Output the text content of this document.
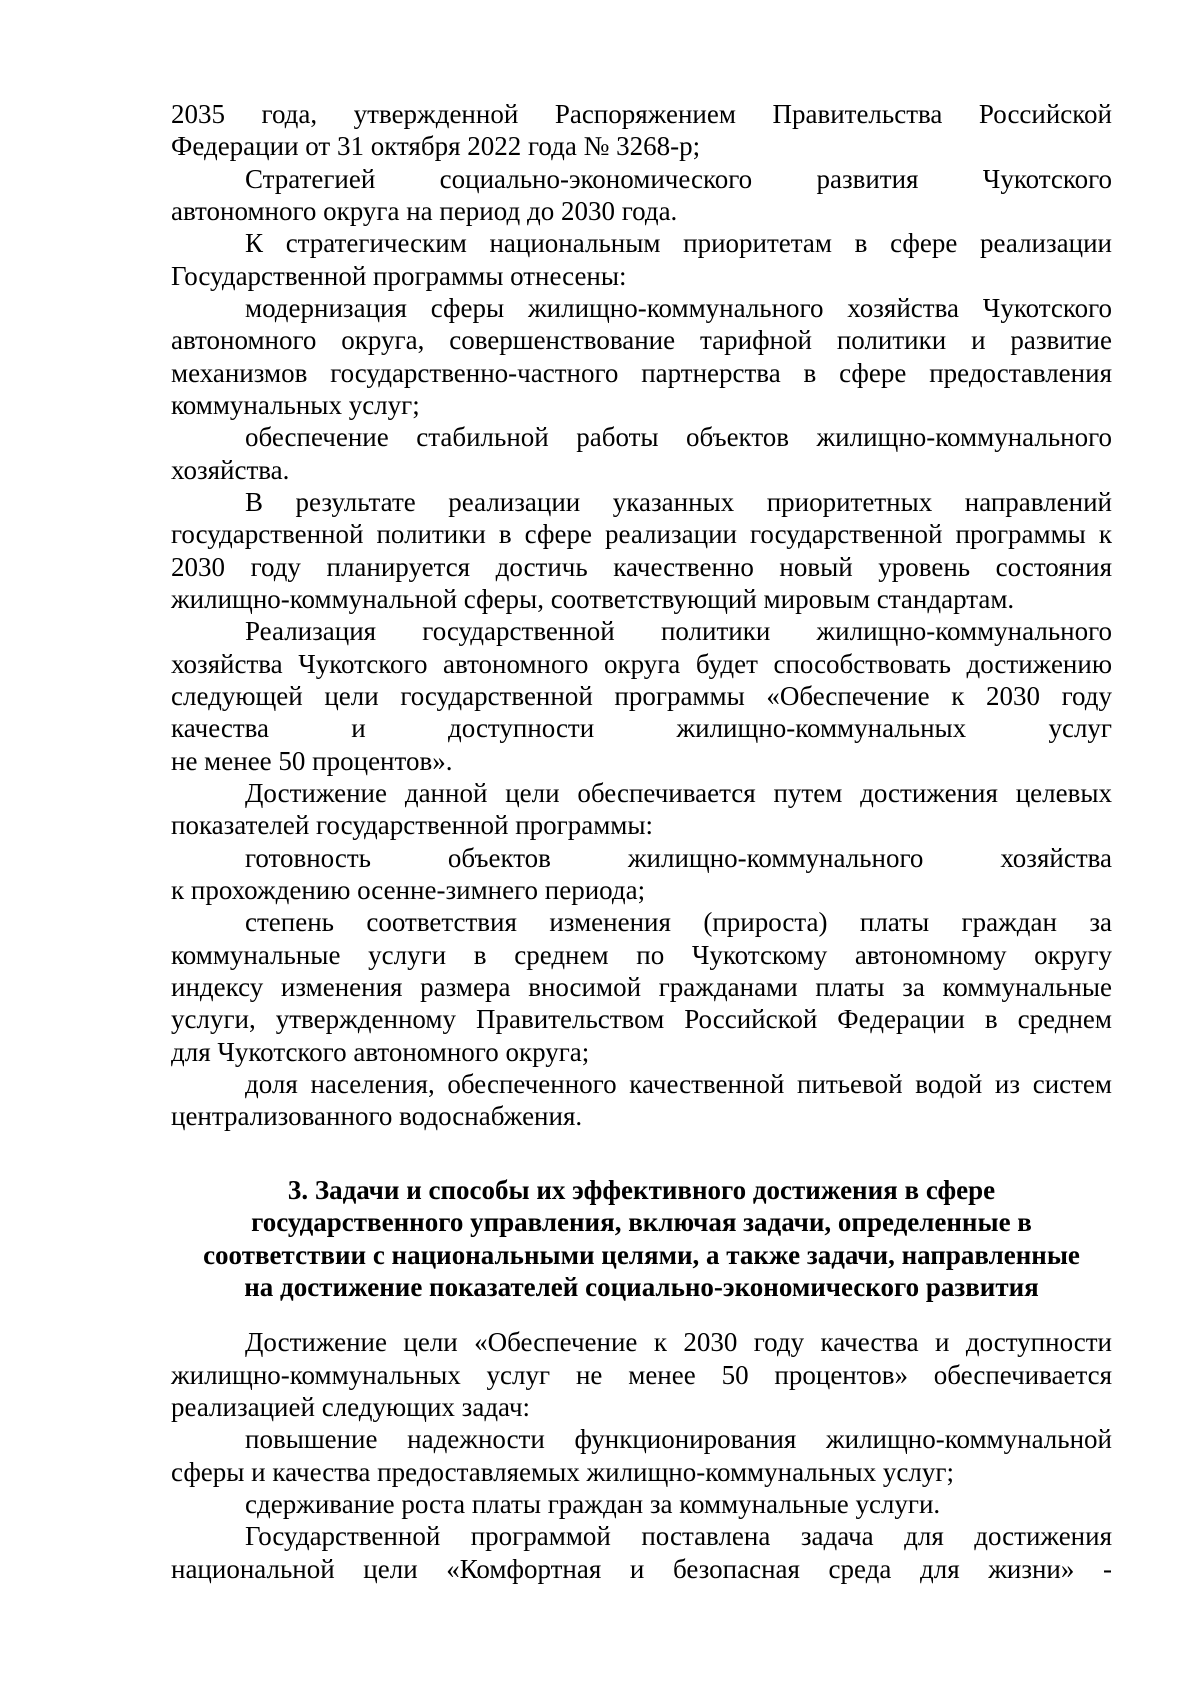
2035 года, утвержденной Распоряжением Правительства Российской
Федерации от 31 октября 2022 года № 3268-р;
Стратегией социально-экономического развития Чукотского
автономного округа на период до 2030 года.
К стратегическим национальным приоритетам в сфере реализации
Государственной программы отнесены:
модернизация сферы жилищно-коммунального хозяйства Чукотского
автономного округа, совершенствование тарифной политики и развитие
механизмов государственно-частного партнерства в сфере предоставления
коммунальных услуг;
обеспечение стабильной работы объектов жилищно-коммунального
хозяйства.
В результате реализации указанных приоритетных направлений
государственной политики в сфере реализации государственной программы к
2030 году планируется достичь качественно новый уровень состояния
жилищно-коммунальной сферы, соответствующий мировым стандартам.
Реализация государственной политики жилищно-коммунального
хозяйства Чукотского автономного округа будет способствовать достижению
следующей цели государственной программы «Обеспечение к 2030 году
качества и доступности жилищно-коммунальных услуг
не менее 50 процентов».
Достижение данной цели обеспечивается путем достижения целевых
показателей государственной программы:
готовность объектов жилищно-коммунального хозяйства
к прохождению осенне-зимнего периода;
степень соответствия изменения (прироста) платы граждан за
коммунальные услуги в среднем по Чукотскому автономному округу
индексу изменения размера вносимой гражданами платы за коммунальные
услуги, утвержденному Правительством Российской Федерации в среднем
для Чукотского автономного округа;
доля населения, обеспеченного качественной питьевой водой из систем
централизованного водоснабжения.
3. Задачи и способы их эффективного достижения в сфере
государственного управления, включая задачи, определенные в
соответствии с национальными целями, а также задачи, направленные
на достижение показателей социально-экономического развития
Достижение цели «Обеспечение к 2030 году качества и доступности
жилищно-коммунальных услуг не менее 50 процентов» обеспечивается
реализацией следующих задач:
повышение надежности функционирования жилищно-коммунальной
сферы и качества предоставляемых жилищно-коммунальных услуг;
сдерживание роста платы граждан за коммунальные услуги.
Государственной программой поставлена задача для достижения
национальной цели «Комфортная и безопасная среда для жизни» -
